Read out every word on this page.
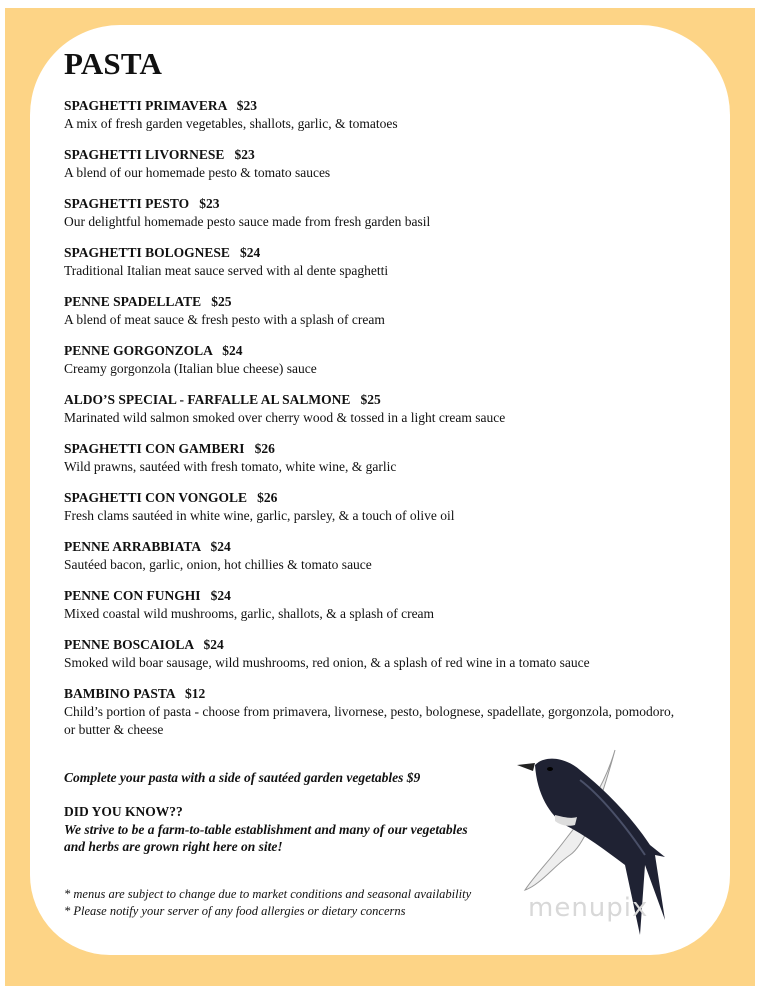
PASTA
SPAGHETTI PRIMAVERA   $23
A mix of fresh garden vegetables, shallots, garlic, & tomatoes
SPAGHETTI LIVORNESE   $23
A blend of our homemade pesto & tomato sauces
SPAGHETTI PESTO   $23
Our delightful homemade pesto sauce made from fresh garden basil
SPAGHETTI BOLOGNESE   $24
Traditional Italian meat sauce served with al dente spaghetti
PENNE SPADELLATE   $25
A blend of meat sauce & fresh pesto with a splash of cream
PENNE GORGONZOLA   $24
Creamy gorgonzola (Italian blue cheese) sauce
ALDO’S SPECIAL - FARFALLE AL SALMONE   $25
Marinated wild salmon smoked over cherry wood & tossed in a light cream sauce
SPAGHETTI CON GAMBERI   $26
Wild prawns, sautéed with fresh tomato, white wine, & garlic
SPAGHETTI CON VONGOLE   $26
Fresh clams sautéed in white wine, garlic, parsley, & a touch of olive oil
PENNE ARRABBIATA   $24
Sautéed bacon, garlic, onion, hot chillies & tomato sauce
PENNE CON FUNGHI   $24
Mixed coastal wild mushrooms, garlic, shallots, & a splash of cream
PENNE BOSCAIOLA   $24
Smoked wild boar sausage, wild mushrooms, red onion, & a splash of red wine in a tomato sauce
BAMBINO PASTA   $12
Child’s portion of pasta - choose from primavera, livornese, pesto, bolognese, spadellate, gorgonzola, pomodoro, or butter & cheese
Complete your pasta with a side of sautéed garden vegetables $9
DID YOU KNOW??
We strive to be a farm-to-table establishment and many of our vegetables and herbs are grown right here on site!
* menus are subject to change due to market conditions and seasonal availability
* Please notify your server of any food allergies or dietary concerns	menupix
